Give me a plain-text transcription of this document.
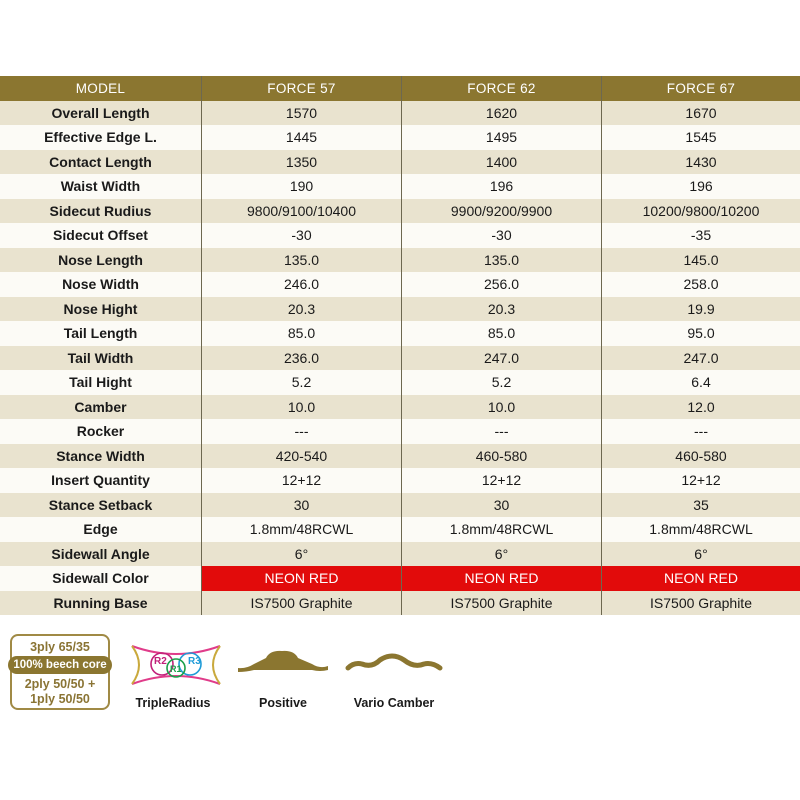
MODEL	FORCE 57	FORCE 62	FORCE 67
Overall Length	1570	1620	1670
Effective Edge L.	1445	1495	1545
Contact Length	1350	1400	1430
Waist Width	190	196	196
Sidecut Rudius	9800/9100/10400	9900/9200/9900	10200/9800/10200
Sidecut Offset	-30	-30	-35
Nose Length	135.0	135.0	145.0
Nose Width	246.0	256.0	258.0
Nose Hight	20.3	20.3	19.9
Tail Length	85.0	85.0	95.0
Tail Width	236.0	247.0	247.0
Tail Hight	5.2	5.2	6.4
Camber	10.0	10.0	12.0
Rocker	---	---	---
Stance Width	420-540	460-580	460-580
Insert Quantity	12+12	12+12	12+12
Stance Setback	30	30	35
Edge	1.8mm/48RCWL	1.8mm/48RCWL	1.8mm/48RCWL
Sidewall Angle	6°	6°	6°
Sidewall Color	NEON RED	NEON RED	NEON RED
Running Base	IS7500 Graphite	IS7500 Graphite	IS7500 Graphite
3ply 65/35
100% beech core
2ply 50/50 +
1ply 50/50
R2 R3
R1
TripleRadius	Positive	Vario Camber
